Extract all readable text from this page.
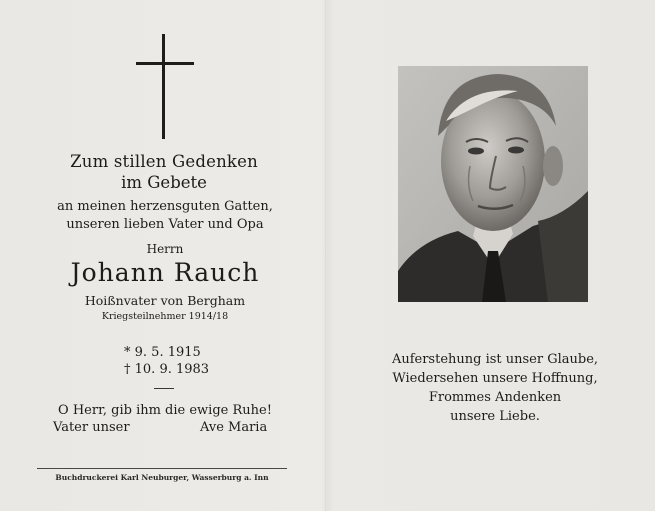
Zum stillen Gedenken
im Gebete
an meinen herzensguten Gatten,
unseren lieben Vater und Opa
Herrn
Johann Rauch
Hoißnvater von Bergham
Kriegsteilnehmer 1914/18
* 9. 5. 1915
† 10. 9. 1983
O Herr, gib ihm die ewige Ruhe!
Vater unser	Ave Maria
Buchdruckerei Karl Neuburger, Wasserburg a. Inn
Auferstehung ist unser Glaube,
Wiedersehen unsere Hoffnung,
Frommes Andenken
unsere Liebe.
